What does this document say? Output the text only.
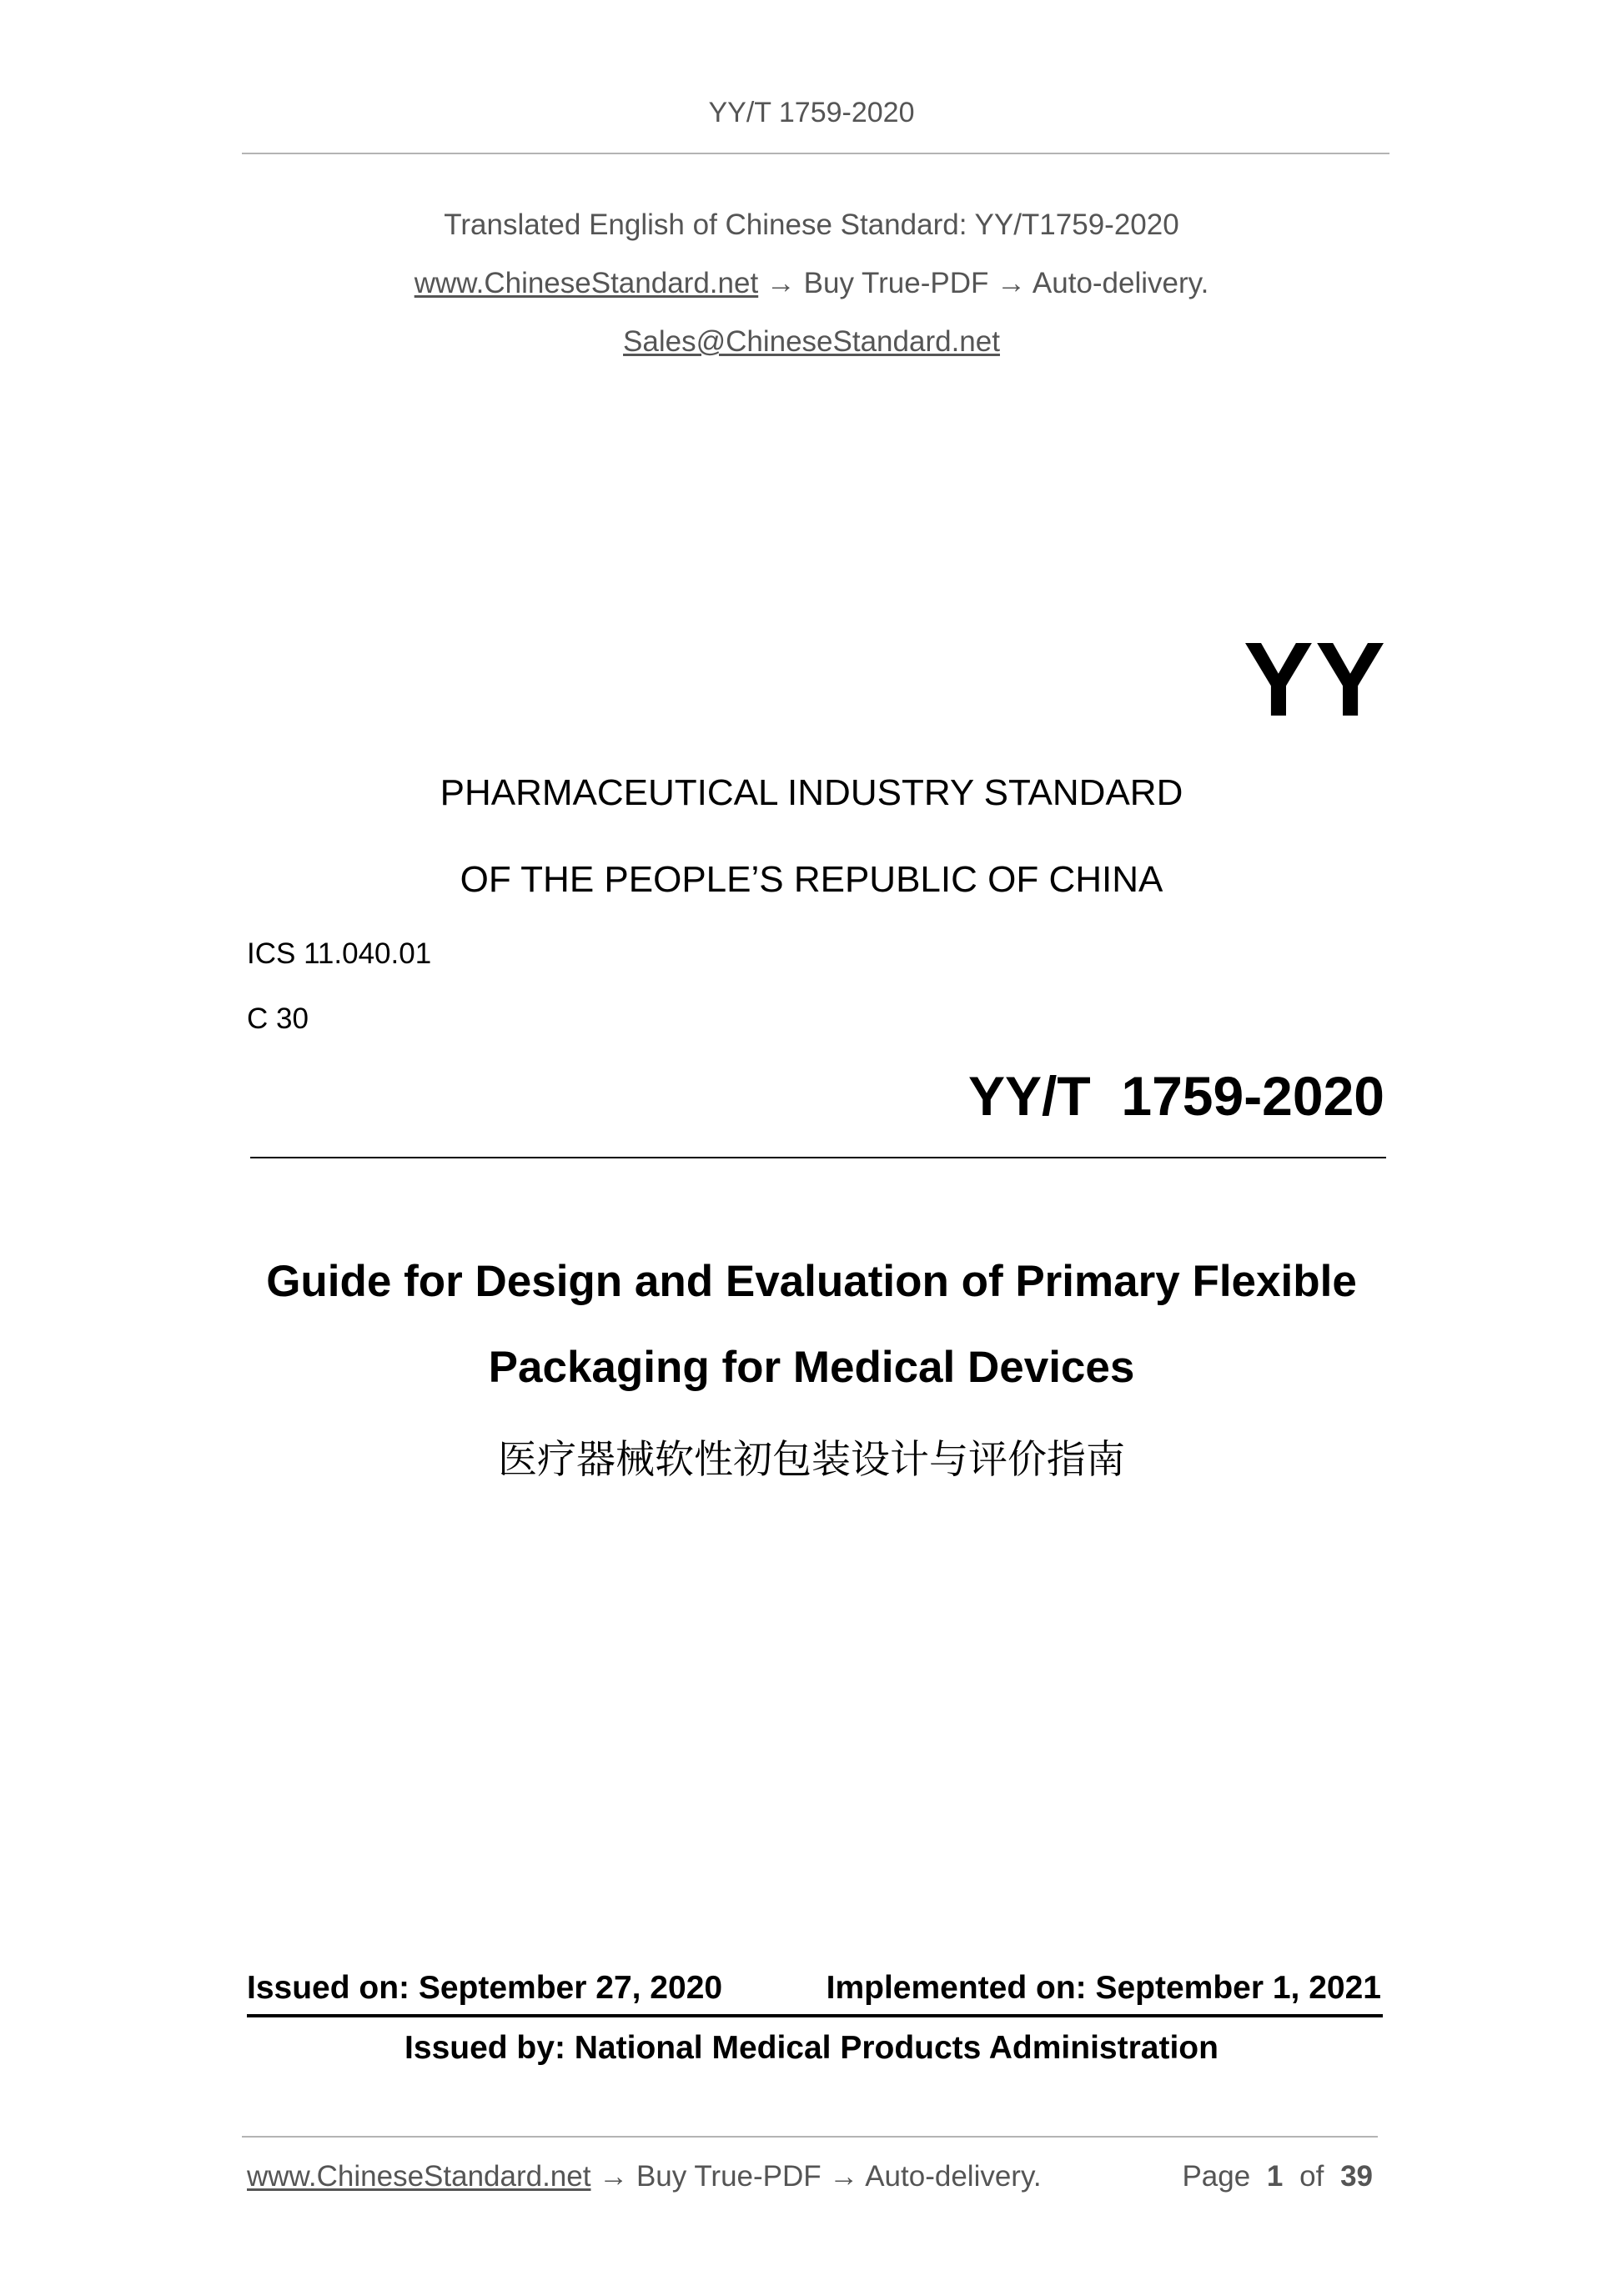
YY/T 1759-2020
Translated English of Chinese Standard: YY/T1759-2020
www.ChineseStandard.net → Buy True-PDF → Auto-delivery.
Sales@ChineseStandard.net
YY
PHARMACEUTICAL INDUSTRY STANDARD
OF THE PEOPLE’S REPUBLIC OF CHINA
ICS 11.040.01
C 30
YY/T  1759-2020
Guide for Design and Evaluation of Primary Flexible
Packaging for Medical Devices
医疗器械软性初包装设计与评价指南
Issued on: September 27, 2020	Implemented on: September 1, 2021
Issued by: National Medical Products Administration
www.ChineseStandard.net → Buy True-PDF → Auto-delivery.	Page 1 of 39
